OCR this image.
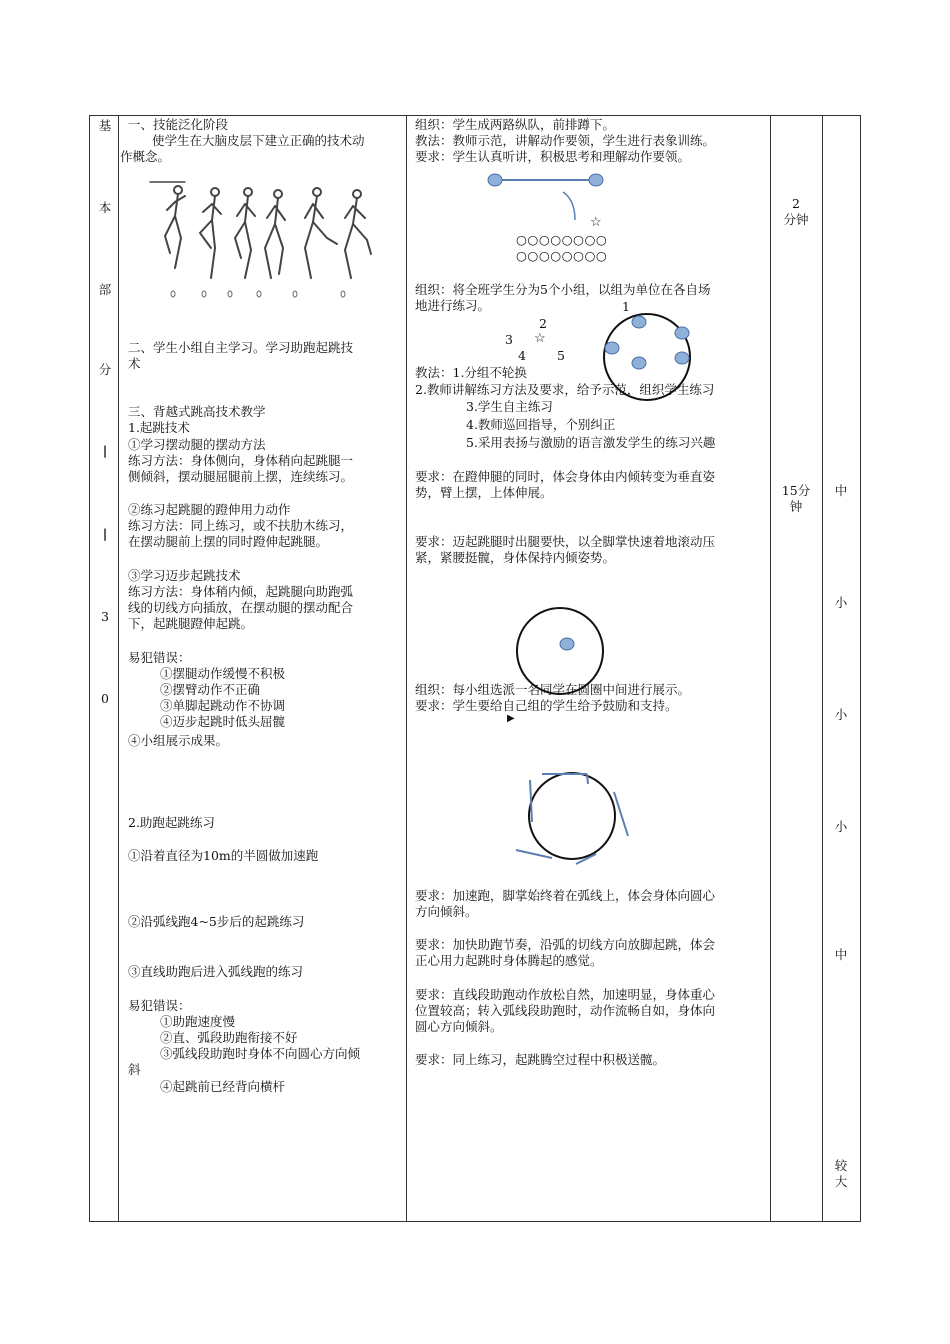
基
本
部
分
|
|
3
0
一、技能泛化阶段
使学生在大脑皮层下建立正确的技术动
作概念。
二、学生小组自主学习。学习助跑起跳技
术
三、背越式跳高技术教学
1.起跳技术
①学习摆动腿的摆动方法
练习方法：身体侧向，身体稍向起跳腿一
侧倾斜，摆动腿屈腿前上摆，连续练习。
②练习起跳腿的蹬伸用力动作
练习方法：同上练习，或不扶肋木练习，
在摆动腿前上摆的同时蹬伸起跳腿。
③学习迈步起跳技术
练习方法：身体稍内倾，起跳腿向助跑弧
线的切线方向插放，在摆动腿的摆动配合
下，起跳腿蹬伸起跳。
易犯错误：
①摆腿动作缓慢不积极
②摆臂动作不正确
③单脚起跳动作不协调
④迈步起跳时低头屈髋
④小组展示成果。
2.助跑起跳练习
①沿着直径为10m的半圆做加速跑
②沿弧线跑4~5步后的起跳练习
③直线助跑后进入弧线跑的练习
易犯错误：
①助跑速度慢
②直、弧段助跑衔接不好
③弧线段助跑时身体不向圆心方向倾
斜
④起跳前已经背向横杆
组织：学生成两路纵队，前排蹲下。
教法：教师示范，讲解动作要领，学生进行表象训练。
要求：学生认真听讲，积极思考和理解动作要领。
☆
○○○○○○○○
○○○○○○○○
组织：将全班学生分为5个小组，以组为单位在各自场
地进行练习。	1
2
3 ☆
4 5
教法：1.分组不轮换
2.教师讲解练习方法及要求，给予示范，组织学生练习
3.学生自主练习
4.教师巡回指导，个别纠正
5.采用表扬与激励的语言激发学生的练习兴趣
要求：在蹬伸腿的同时，体会身体由内倾转变为垂直姿
势，臂上摆，上体伸展。
要求：迈起跳腿时出腿要快，以全脚掌快速着地滚动压
紧，紧腰挺髋，身体保持内倾姿势。
组织：每小组选派一名同学在圆圈中间进行展示。
要求：学生要给自己组的学生给予鼓励和支持。
▶
要求：加速跑，脚掌始终着在弧线上，体会身体向圆心
方向倾斜。
要求：加快助跑节奏，沿弧的切线方向放脚起跳，体会
正心用力起跳时身体腾起的感觉。
要求：直线段助跑动作放松自然，加速明显，身体重心
位置较高；转入弧线段助跑时，动作流畅自如，身体向
圆心方向倾斜。
要求：同上练习，起跳腾空过程中积极送髋。
2
分钟
15分
钟
中
小
小
小
中
较
大
